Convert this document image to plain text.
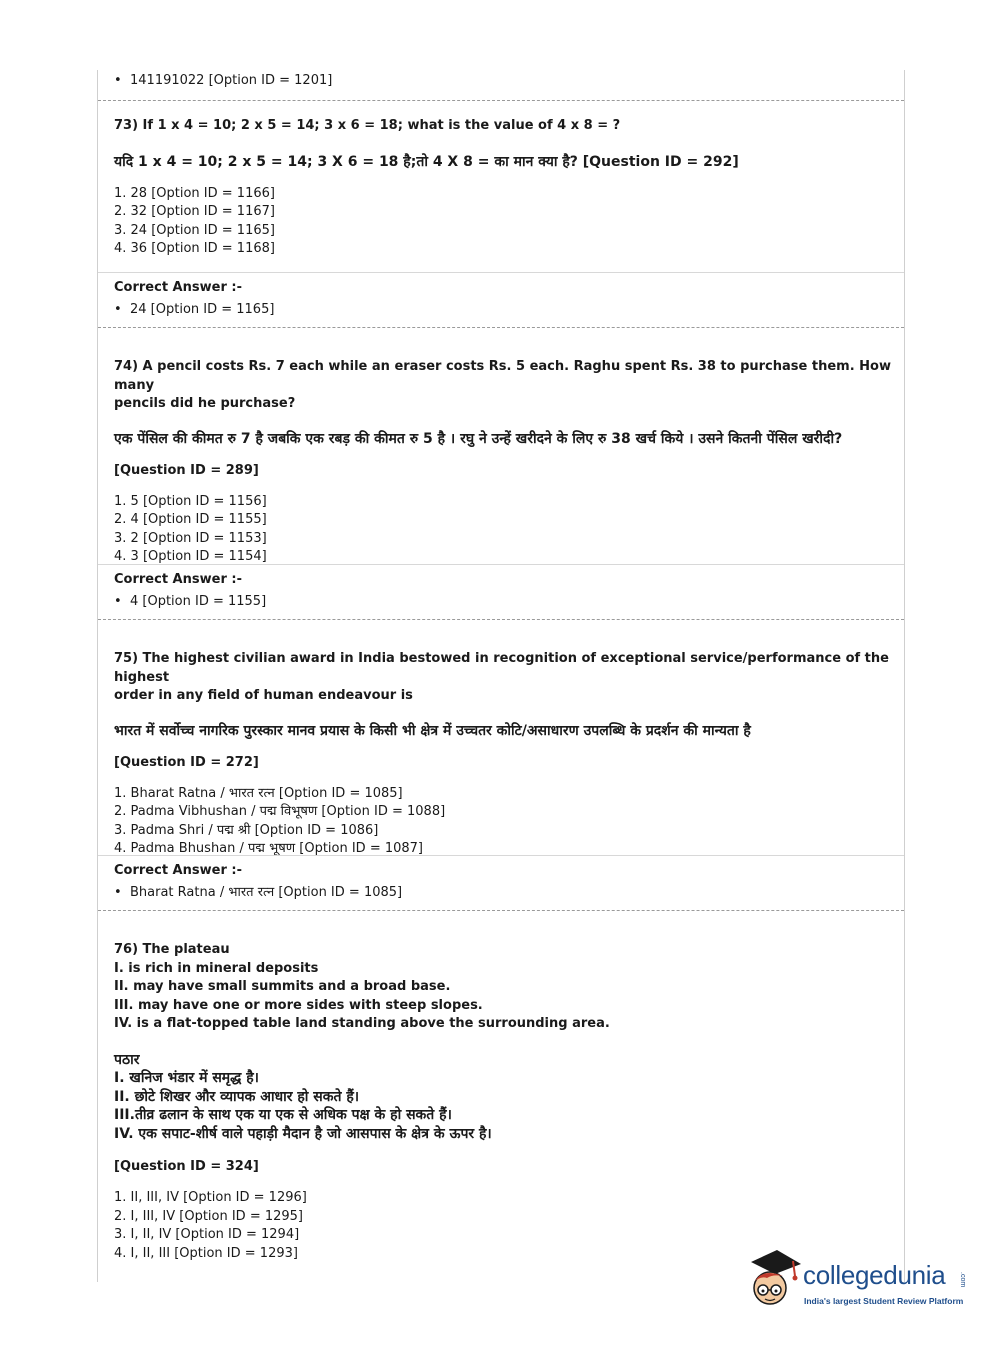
• 141191022 [Option ID = 1201]
73) If 1 x 4 = 10; 2 x 5 = 14; 3 x 6 = 18; what is the value of 4 x 8 = ?
यदि 1 x 4 = 10; 2 x 5 = 14; 3 X 6 = 18 है;तो 4 X 8 = का मान क्या है? [Question ID = 292]
1. 28 [Option ID = 1166]
2. 32 [Option ID = 1167]
3. 24 [Option ID = 1165]
4. 36 [Option ID = 1168]
Correct Answer :-
• 24 [Option ID = 1165]
74) A pencil costs Rs. 7 each while an eraser costs Rs. 5 each. Raghu spent Rs. 38 to purchase them. How many
pencils did he purchase?
एक पेंसिल की कीमत रु 7 है जबकि एक रबड़ की कीमत रु 5 है । रघु ने उन्हें खरीदने के लिए रु 38 खर्च किये । उसने कितनी पेंसिल खरीदी?
[Question ID = 289]
1. 5 [Option ID = 1156]
2. 4 [Option ID = 1155]
3. 2 [Option ID = 1153]
4. 3 [Option ID = 1154]
Correct Answer :-
• 4 [Option ID = 1155]
75) The highest civilian award in India bestowed in recognition of exceptional service/performance of the highest
order in any field of human endeavour is
भारत में सर्वोच्च नागरिक पुरस्कार मानव प्रयास के किसी भी क्षेत्र में उच्चतर कोटि/असाधारण उपलब्धि के प्रदर्शन की मान्यता है
[Question ID = 272]
1. Bharat Ratna / भारत रत्न [Option ID = 1085]
2. Padma Vibhushan / पद्म विभूषण [Option ID = 1088]
3. Padma Shri / पद्म श्री [Option ID = 1086]
4. Padma Bhushan / पद्म भूषण [Option ID = 1087]
Correct Answer :-
• Bharat Ratna / भारत रत्न [Option ID = 1085]
76) The plateau
I. is rich in mineral deposits
II. may have small summits and a broad base.
III. may have one or more sides with steep slopes.
IV. is a flat-topped table land standing above the surrounding area.
पठार
I. खनिज भंडार में समृद्ध है।
II. छोटे शिखर और व्यापक आधार हो सकते हैं।
III.तीव्र ढलान के साथ एक या एक से अधिक पक्ष के हो सकते हैं।
IV. एक सपाट-शीर्ष वाले पहाड़ी मैदान है जो आसपास के क्षेत्र के ऊपर है।
[Question ID = 324]
1. II, III, IV [Option ID = 1296]
2. I, III, IV [Option ID = 1295]
3. I, II, IV [Option ID = 1294]
4. I, II, III [Option ID = 1293]
collegedunia .com
India's largest Student Review Platform
